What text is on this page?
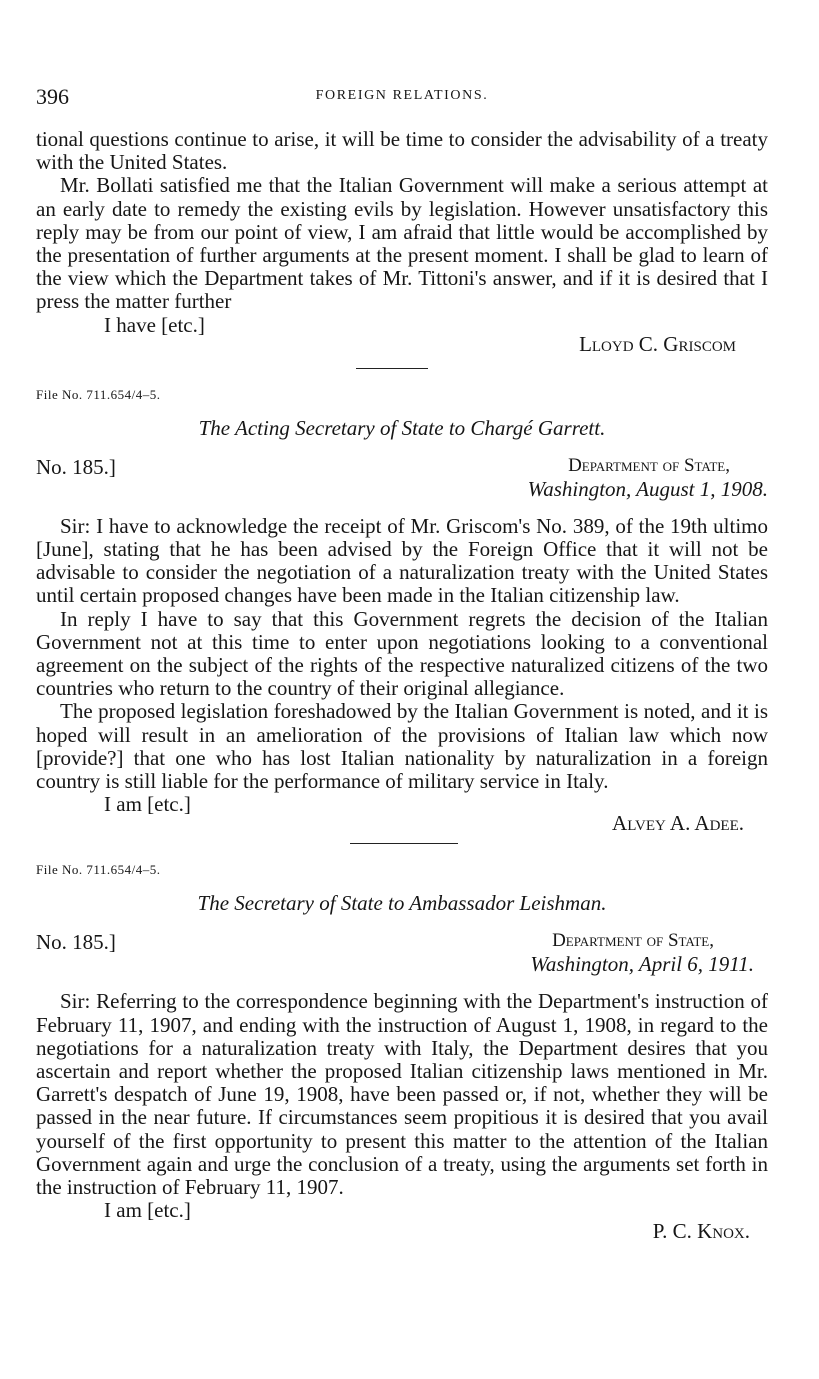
396	FOREIGN RELATIONS.

tional questions continue to arise, it will be time to consider the advisability of a treaty with the United States.

Mr. Bollati satisfied me that the Italian Government will make a serious attempt at an early date to remedy the existing evils by legislation. However unsatisfactory this reply may be from our point of view, I am afraid that little would be accomplished by the presentation of further arguments at the present moment. I shall be glad to learn of the view which the Department takes of Mr. Tittoni's answer, and if it is desired that I press the matter further

I have [etc.]

Lloyd C. Griscom

File No. 711.654/4–5.

The Acting Secretary of State to Chargé Garrett.
No. 185.]	Department of State,
Washington, August 1, 1908.

Sir: I have to acknowledge the receipt of Mr. Griscom's No. 389, of the 19th ultimo [June], stating that he has been advised by the Foreign Office that it will not be advisable to consider the negotiation of a naturalization treaty with the United States until certain proposed changes have been made in the Italian citizenship law.

In reply I have to say that this Government regrets the decision of the Italian Government not at this time to enter upon negotiations looking to a conventional agreement on the subject of the rights of the respective naturalized citizens of the two countries who return to the country of their original allegiance.

The proposed legislation foreshadowed by the Italian Government is noted, and it is hoped will result in an amelioration of the provisions of Italian law which now [provide?] that one who has lost Italian nationality by naturalization in a foreign country is still liable for the performance of military service in Italy.

I am [etc.]

Alvey A. Adee.

File No. 711.654/4–5.

The Secretary of State to Ambassador Leishman.
No. 185.]	Department of State,
Washington, April 6, 1911.

Sir: Referring to the correspondence beginning with the Department's instruction of February 11, 1907, and ending with the instruction of August 1, 1908, in regard to the negotiations for a naturalization treaty with Italy, the Department desires that you ascertain and report whether the proposed Italian citizenship laws mentioned in Mr. Garrett's despatch of June 19, 1908, have been passed or, if not, whether they will be passed in the near future. If circumstances seem propitious it is desired that you avail yourself of the first opportunity to present this matter to the attention of the Italian Government again and urge the conclusion of a treaty, using the arguments set forth in the instruction of February 11, 1907.

I am [etc.]

P. C. Knox.
